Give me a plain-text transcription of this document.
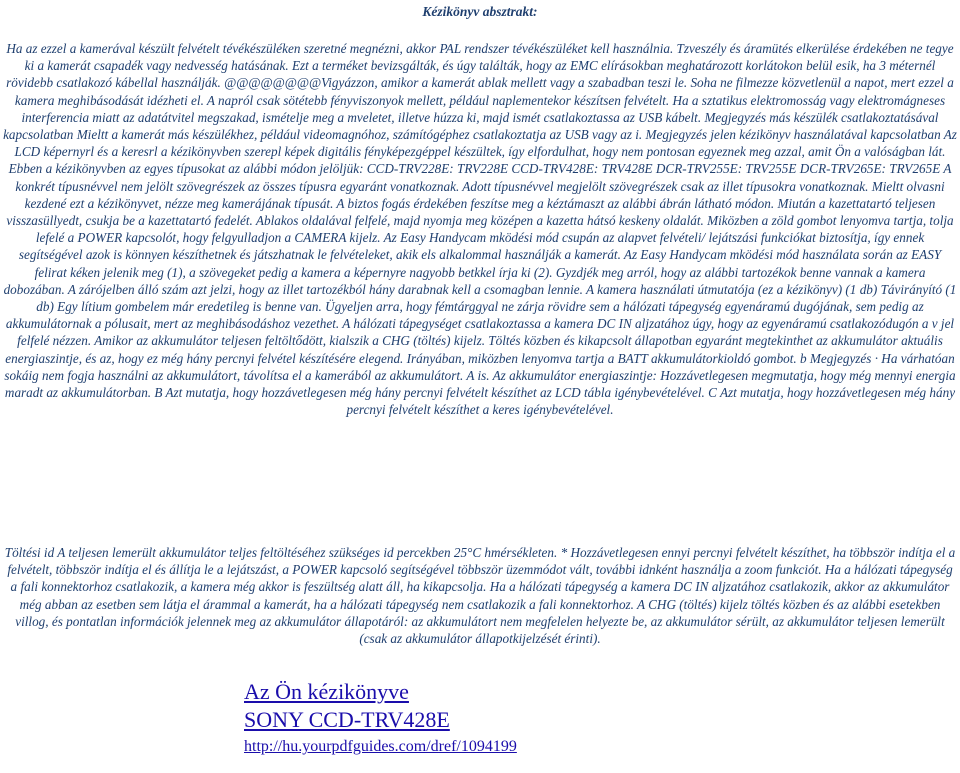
Kézikönyv absztrakt:
Ha az ezzel a kamerával készült felvételt tévékészüléken szeretné megnézni, akkor PAL rendszer tévékészüléket kell használnia. Tzveszély és áramütés elkerülése érdekében ne tegye ki a kamerát csapadék vagy nedvesség hatásának. Ezt a terméket bevizsgálták, és úgy találták, hogy az EMC elírásokban meghatározott korlátokon belül esik, ha 3 méternél rövidebb csatlakozó kábellal használják. @@@@@@@@Vigyázzon, amikor a kamerát ablak mellett vagy a szabadban teszi le. Soha ne filmezze közvetlenül a napot, mert ezzel a kamera meghibásodását idézheti el. A napról csak sötétebb fényviszonyok mellett, például naplementekor készítsen felvételt. Ha a sztatikus elektromosság vagy elektromágneses interferencia miatt az adatátvitel megszakad, ismételje meg a mveletet, illetve húzza ki, majd ismét csatlakoztassa az USB kábelt. Megjegyzés más készülék csatlakoztatásával kapcsolatban Mieltt a kamerát más készülékhez, például videomagnóhoz, számítógéphez csatlakoztatja az USB vagy az i. Megjegyzés jelen kézikönyv használatával kapcsolatban Az LCD képernyrl és a keresrl a kézikönyvben szerepl képek digitális fényképezgéppel készültek, így elfordulhat, hogy nem pontosan egyeznek meg azzal, amit Ön a valóságban lát. Ebben a kézikönyvben az egyes típusokat az alábbi módon jelöljük: CCD-TRV228E: TRV228E CCD-TRV428E: TRV428E DCR-TRV255E: TRV255E DCR-TRV265E: TRV265E A konkrét típusnévvel nem jelölt szövegrészek az összes típusra egyaránt vonatkoznak. Adott típusnévvel megjelölt szövegrészek csak az illet típusokra vonatkoznak. Mieltt olvasni kezdené ezt a kézikönyvet, nézze meg kamerájának típusát. A biztos fogás érdekében feszítse meg a kéztámaszt az alábbi ábrán látható módon. Miután a kazettatartó teljesen visszasüllyedt, csukja be a kazettatartó fedelét. Ablakos oldalával felfelé, majd nyomja meg középen a kazetta hátsó keskeny oldalát. Miközben a zöld gombot lenyomva tartja, tolja lefelé a POWER kapcsolót, hogy felgyulladjon a CAMERA kijelz. Az Easy Handycam mködési mód csupán az alapvet felvételi/ lejátszási funkciókat biztosítja, így ennek segítségével azok is könnyen készíthetnek és játszhatnak le felvételeket, akik els alkalommal használják a kamerát. Az Easy Handycam mködési mód használata során az EASY felirat kéken jelenik meg (1), a szövegeket pedig a kamera a képernyre nagyobb betkkel írja ki (2). Gyzdjék meg arról, hogy az alábbi tartozékok benne vannak a kamera dobozában. A zárójelben álló szám azt jelzi, hogy az illet tartozékból hány darabnak kell a csomagban lennie. A kamera használati útmutatója (ez a kézikönyv) (1 db) Távirányító (1 db) Egy lítium gombelem már eredetileg is benne van. Ügyeljen arra, hogy fémtárggyal ne zárja rövidre sem a hálózati tápegység egyenáramú dugójának, sem pedig az akkumulátornak a pólusait, mert az meghibásodáshoz vezethet. A hálózati tápegységet csatlakoztassa a kamera DC IN aljzatához úgy, hogy az egyenáramú csatlakozódugón a v jel felfelé nézzen. Amikor az akkumulátor teljesen feltöltődött, kialszik a CHG (töltés) kijelz. Töltés közben és kikapcsolt állapotban egyaránt megtekinthet az akkumulátor aktuális energiaszintje, és az, hogy ez még hány percnyi felvétel készítésére elegend. Irányában, miközben lenyomva tartja a BATT akkumulátorkioldó gombot. b Megjegyzés · Ha várhatóan sokáig nem fogja használni az akkumulátort, távolítsa el a kamerából az akkumulátort. A is. Az akkumulátor energiaszintje: Hozzávetlegesen megmutatja, hogy még mennyi energia maradt az akkumulátorban. B Azt mutatja, hogy hozzávetlegesen még hány percnyi felvételt készíthet az LCD tábla igénybevételével. C Azt mutatja, hogy hozzávetlegesen még hány percnyi felvételt készíthet a keres igénybevételével.
Töltési id A teljesen lemerült akkumulátor teljes feltöltéséhez szükséges id percekben 25°C hmérsékleten. * Hozzávetlegesen ennyi percnyi felvételt készíthet, ha többször indítja el a felvételt, többször indítja el és állítja le a lejátszást, a POWER kapcsoló segítségével többször üzemmódot vált, további idnként használja a zoom funkciót. Ha a hálózati tápegység a fali konnektorhoz csatlakozik, a kamera még akkor is feszültség alatt áll, ha kikapcsolja. Ha a hálózati tápegység a kamera DC IN aljzatához csatlakozik, akkor az akkumulátor még abban az esetben sem látja el árammal a kamerát, ha a hálózati tápegység nem csatlakozik a fali konnektorhoz. A CHG (töltés) kijelz töltés közben és az alábbi esetekben villog, és pontatlan információk jelennek meg az akkumulátor állapotáról: az akkumulátort nem megfelelen helyezte be, az akkumulátor sérült, az akkumulátor teljesen lemerült (csak az akkumulátor állapotkijelzését érinti).
Az Ön kézikönyve
SONY CCD-TRV428E
http://hu.yourpdfguides.com/dref/1094199
